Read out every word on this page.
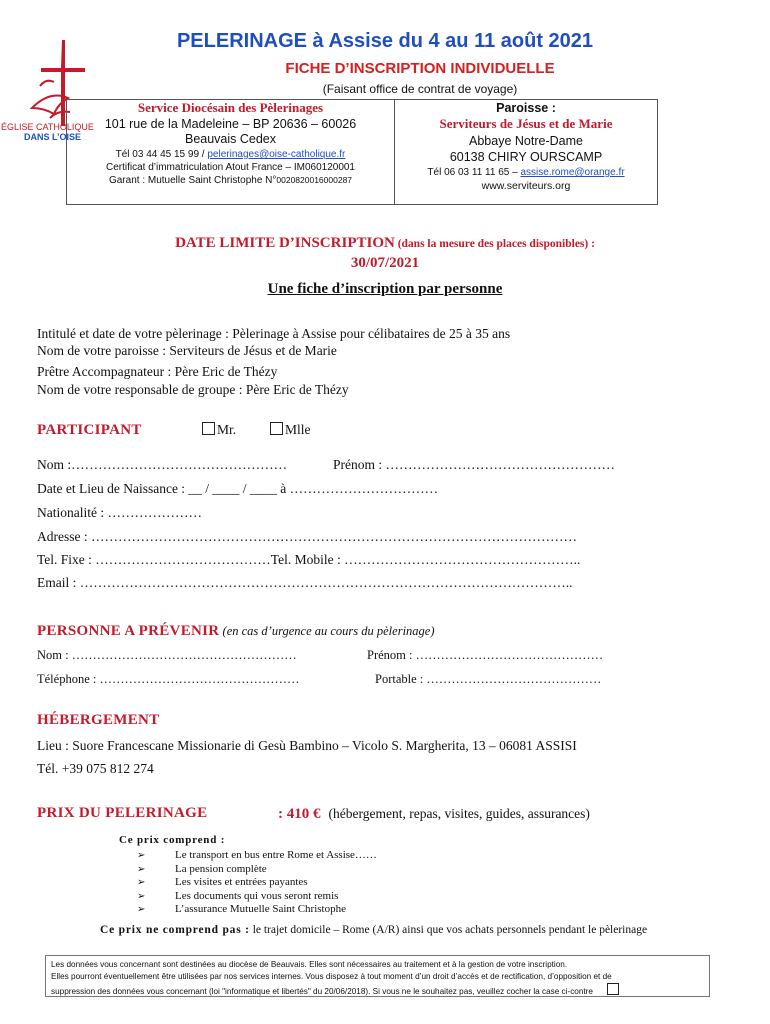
ÉGLISE CATHOLIQUE
DANS L’OISE
PELERINAGE à Assise du 4 au 11 août 2021
FICHE D’INSCRIPTION INDIVIDUELLE
(Faisant office de contrat de voyage)
Service Diocésain des Pèlerinages
101 rue de la Madeleine – BP 20636 – 60026
Beauvais Cedex
Tél 03 44 45 15 99 / pelerinages@oise-catholique.fr
Certificat d’immatriculation Atout France – IM060120001
Garant : Mutuelle Saint Christophe N°0020820016000287
Paroisse :
Serviteurs de Jésus et de Marie
Abbaye Notre-Dame
60138 CHIRY OURSCAMP
Tél 06 03 11 11 65 – assise.rome@orange.fr
www.serviteurs.org
DATE LIMITE D’INSCRIPTION (dans la mesure des places disponibles) :
30/07/2021
Une fiche d’inscription par personne
Intitulé et date de votre pèlerinage : Pèlerinage à Assise pour célibataires de 25 à 35 ans
Nom de votre paroisse : Serviteurs de Jésus et de Marie
Prêtre Accompagnateur : Père Eric de Thézy
Nom de votre responsable de groupe : Père Eric de Thézy
PARTICIPANT	Mr.	Mlle
Nom :…………………………………………	Prénom : ……………………………………………
Date et Lieu de Naissance : __ / ____ / ____ à ……………………………
Nationalité : …………………
Adresse : ………………………………………………………………………………………………
Tel. Fixe : …………………………………Tel. Mobile : ……………………………………………..
Email : ………………………………………………………………………………………………..
PERSONNE A PRÉVENIR (en cas d’urgence au cours du pèlerinage)
Nom : ………………………………………………	Prénom : ………………………………………
Téléphone : …………………………………………	Portable : ……………………………………
HÉBERGEMENT
Lieu : Suore Francescane Missionarie di Gesù Bambino – Vicolo S. Margherita, 13 – 06081 ASSISI
Tél. +39 075 812 274
PRIX DU PELERINAGE	: 410 € (hébergement, repas, visites, guides, assurances)
Ce prix comprend :
➢	Le transport en bus entre Rome et Assise……
➢	La pension complète
➢	Les visites et entrées payantes
➢	Les documents qui vous seront remis
➢	L’assurance Mutuelle Saint Christophe
Ce prix ne comprend pas : le trajet domicile – Rome (A/R) ainsi que vos achats personnels pendant le pèlerinage
Les données vous concernant sont destinées au diocèse de Beauvais. Elles sont nécessaires au traitement et à la gestion de votre inscription.
Elles pourront éventuellement être utilisées par nos services internes. Vous disposez à tout moment d’un droit d’accès et de rectification, d’opposition et de
suppression des données vous concernant (loi "informatique et libertés" du 20/06/2018). Si vous ne le souhaitez pas, veuillez cocher la case ci-contre
